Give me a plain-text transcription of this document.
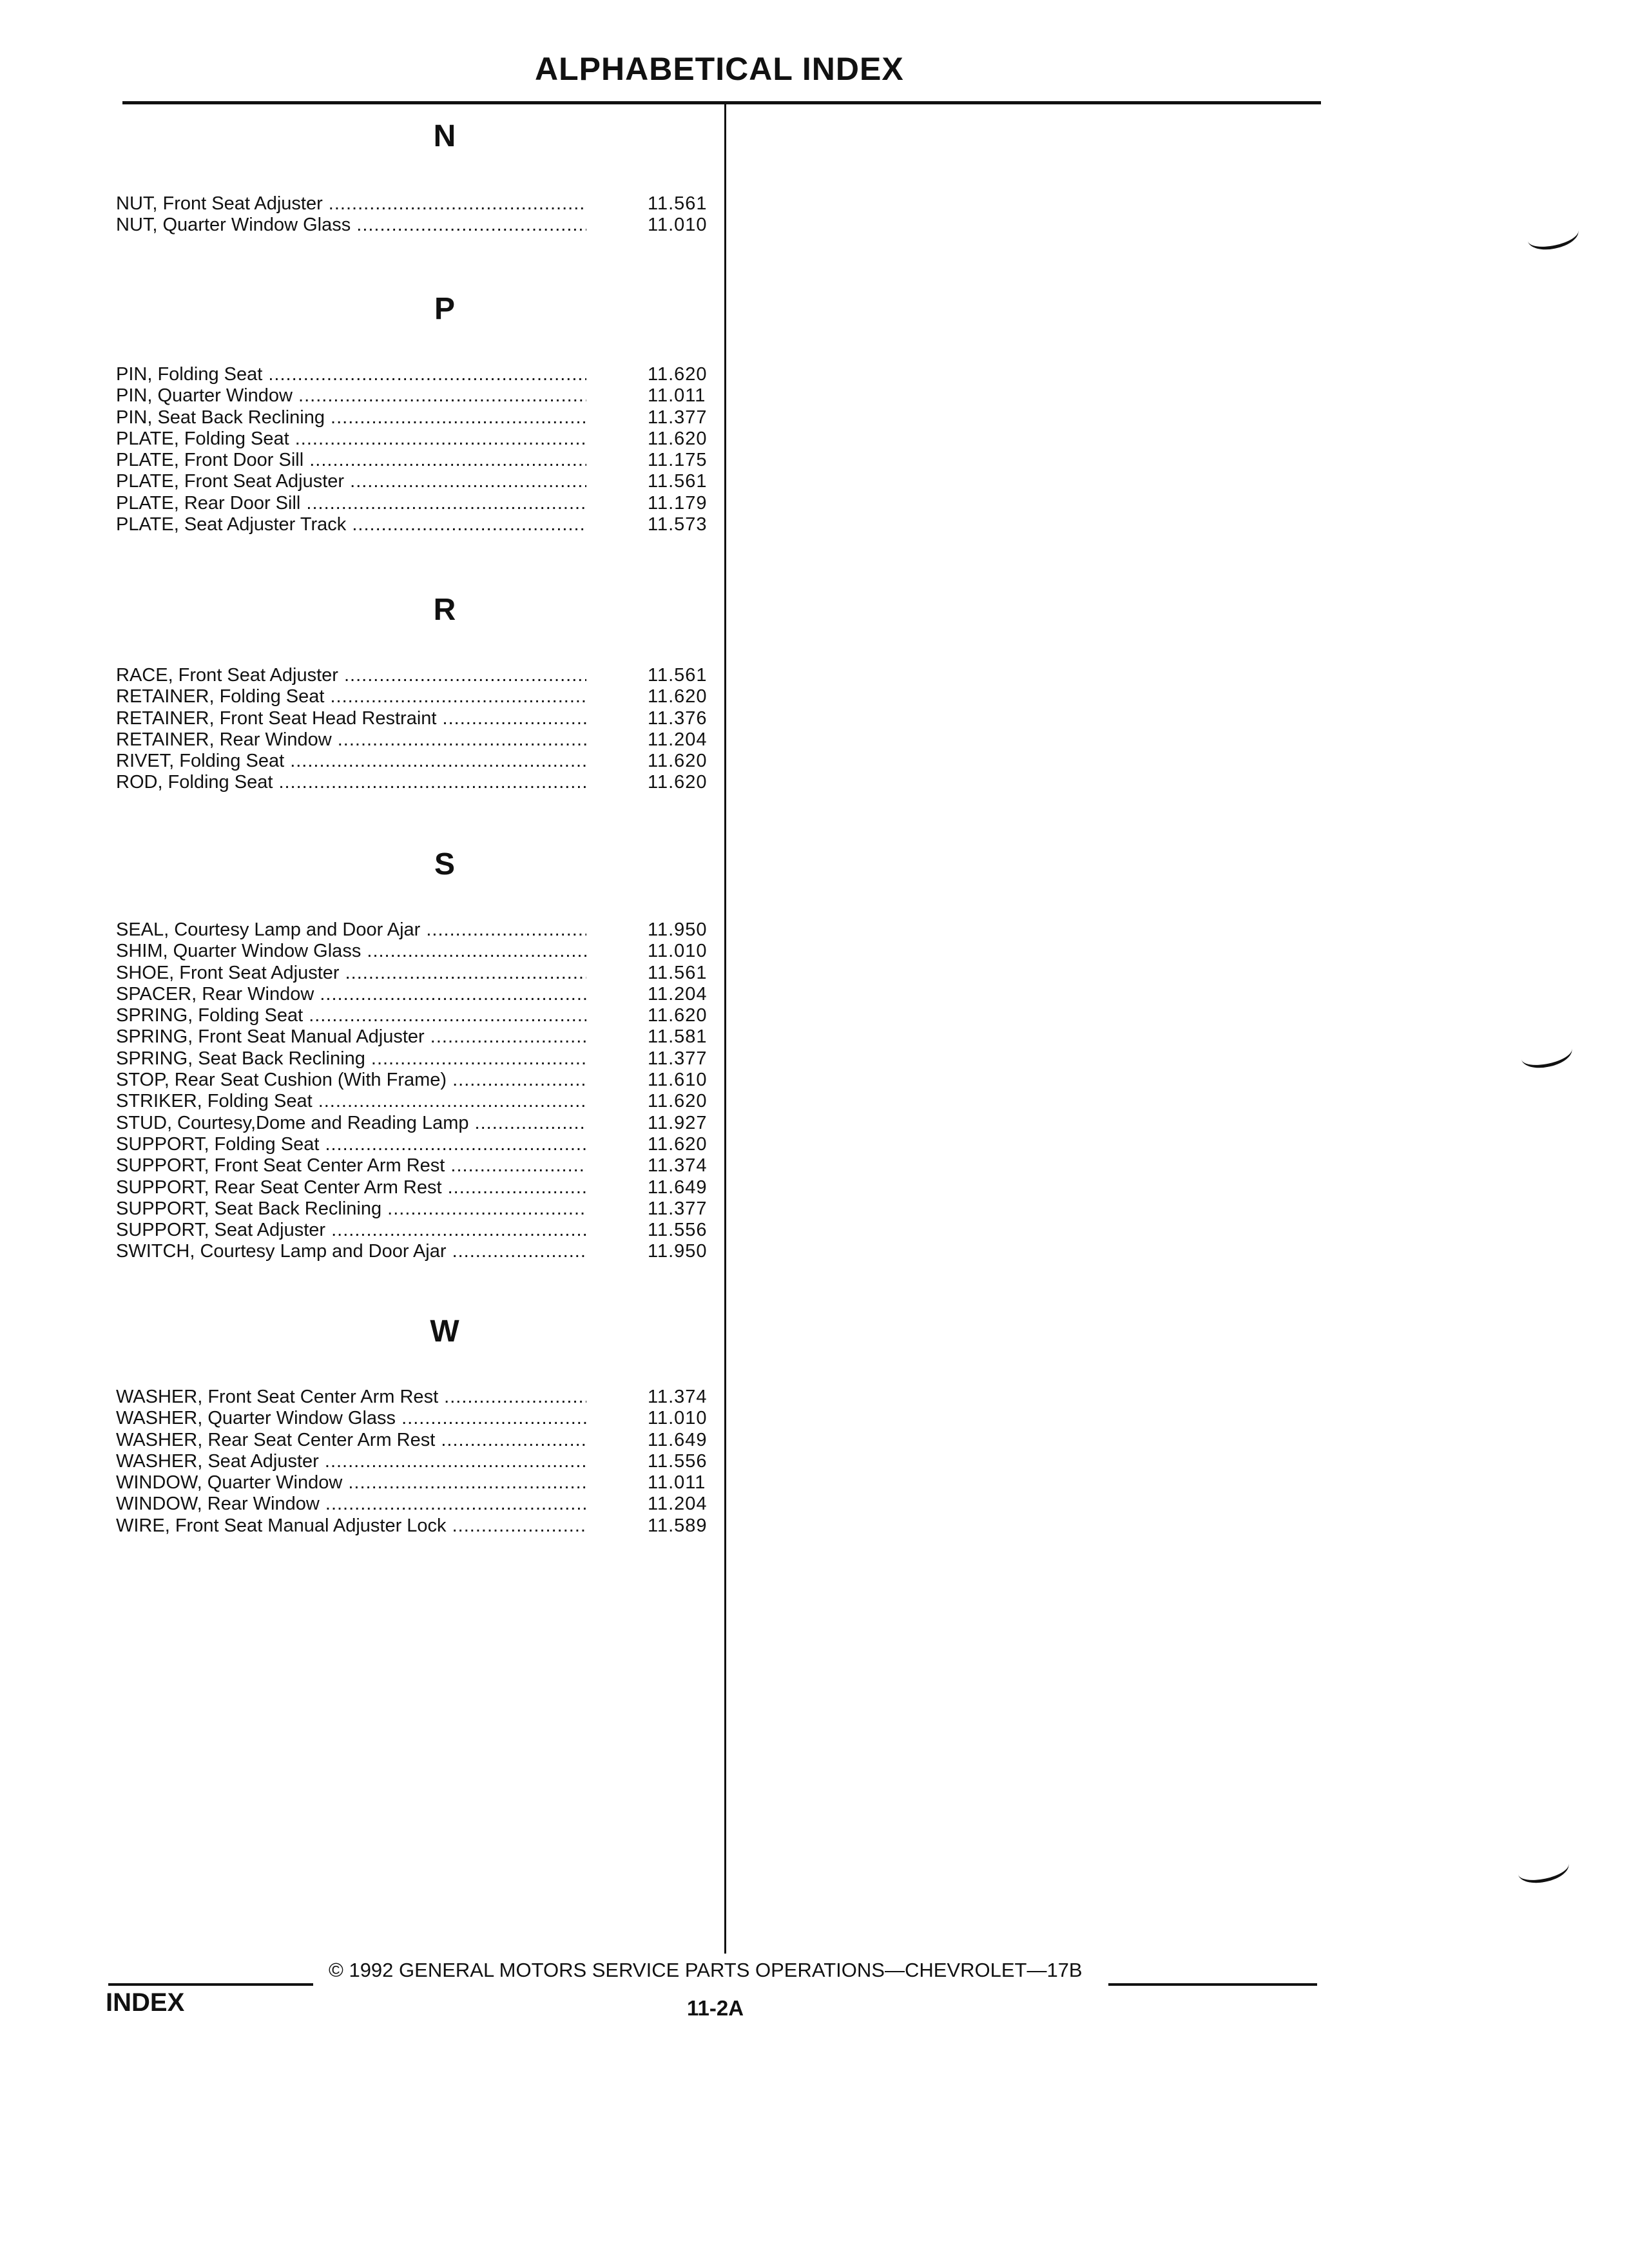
ALPHABETICAL INDEX
N
NUT, Front Seat Adjuster .....	11.561
NUT, Quarter Window Glass .....	11.010
P
PIN, Folding Seat .....	11.620
PIN, Quarter Window .....	11.011
PIN, Seat Back Reclining .....	11.377
PLATE, Folding Seat .....	11.620
PLATE, Front Door Sill .....	11.175
PLATE, Front Seat Adjuster .....	11.561
PLATE, Rear Door Sill .....	11.179
PLATE, Seat Adjuster Track .....	11.573
R
RACE, Front Seat Adjuster .....	11.561
RETAINER, Folding Seat .....	11.620
RETAINER, Front Seat Head Restraint .....	11.376
RETAINER, Rear Window .....	11.204
RIVET, Folding Seat .....	11.620
ROD, Folding Seat .....	11.620
S
SEAL, Courtesy Lamp and Door Ajar .....	11.950
SHIM, Quarter Window Glass .....	11.010
SHOE, Front Seat Adjuster .....	11.561
SPACER, Rear Window .....	11.204
SPRING, Folding Seat .....	11.620
SPRING, Front Seat Manual Adjuster .....	11.581
SPRING, Seat Back Reclining .....	11.377
STOP, Rear Seat Cushion (With Frame) .....	11.610
STRIKER, Folding Seat .....	11.620
STUD, Courtesy,Dome and Reading Lamp .....	11.927
SUPPORT, Folding Seat .....	11.620
SUPPORT, Front Seat Center Arm Rest .....	11.374
SUPPORT, Rear Seat Center Arm Rest .....	11.649
SUPPORT, Seat Back Reclining .....	11.377
SUPPORT, Seat Adjuster .....	11.556
SWITCH, Courtesy Lamp and Door Ajar .....	11.950
W
WASHER, Front Seat Center Arm Rest .....	11.374
WASHER, Quarter Window Glass .....	11.010
WASHER, Rear Seat Center Arm Rest .....	11.649
WASHER, Seat Adjuster .....	11.556
WINDOW, Quarter Window .....	11.011
WINDOW, Rear Window .....	11.204
WIRE, Front Seat Manual Adjuster Lock .....	11.589
© 1992 GENERAL MOTORS SERVICE PARTS OPERATIONS—CHEVROLET—17B
INDEX	11-2A
